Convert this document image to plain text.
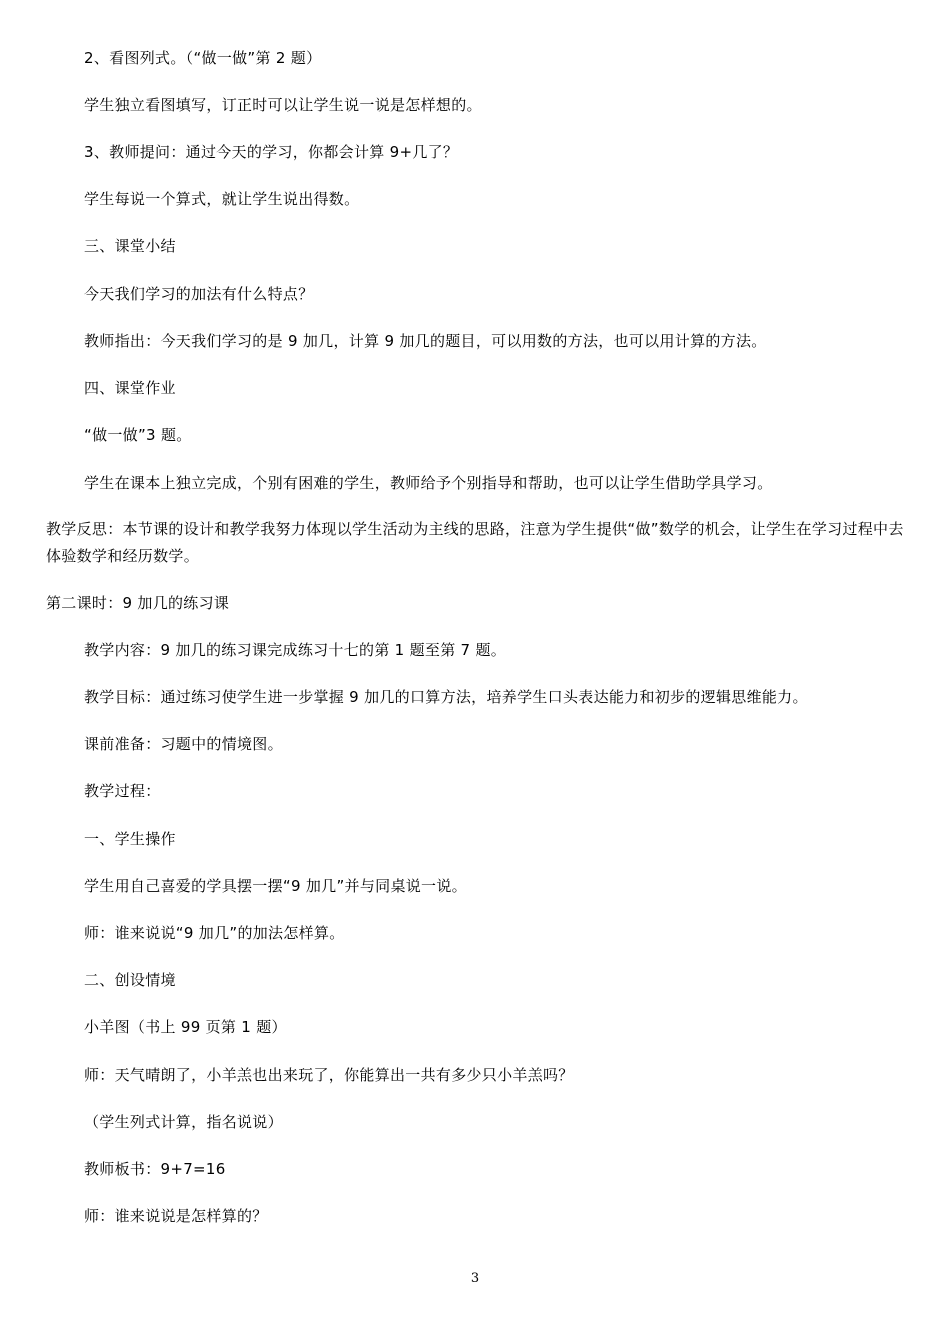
2、看图列式。（“做一做”第 2 题）

学生独立看图填写，订正时可以让学生说一说是怎样想的。

3、教师提问：通过今天的学习，你都会计算 9+几了？

学生每说一个算式，就让学生说出得数。

三、课堂小结

今天我们学习的加法有什么特点？

教师指出：今天我们学习的是 9 加几，计算 9 加几的题目，可以用数的方法，也可以用计算的方法。

四、课堂作业

“做一做”3 题。

学生在课本上独立完成，个别有困难的学生，教师给予个别指导和帮助，也可以让学生借助学具学习。

教学反思：本节课的设计和教学我努力体现以学生活动为主线的思路，注意为学生提供“做”数学的机会，让学生在学习过程中去体验数学和经历数学。

第二课时：9 加几的练习课

教学内容：9 加几的练习课完成练习十七的第 1 题至第 7 题。

教学目标：通过练习使学生进一步掌握 9 加几的口算方法，培养学生口头表达能力和初步的逻辑思维能力。

课前准备：习题中的情境图。

教学过程：

一、学生操作

学生用自己喜爱的学具摆一摆“9 加几”并与同桌说一说。

师：谁来说说“9 加几”的加法怎样算。

二、创设情境

小羊图（书上 99 页第 1 题）

师：天气晴朗了，小羊羔也出来玩了，你能算出一共有多少只小羊羔吗？

（学生列式计算，指名说说）

教师板书：9+7=16

师：谁来说说是怎样算的？

3
